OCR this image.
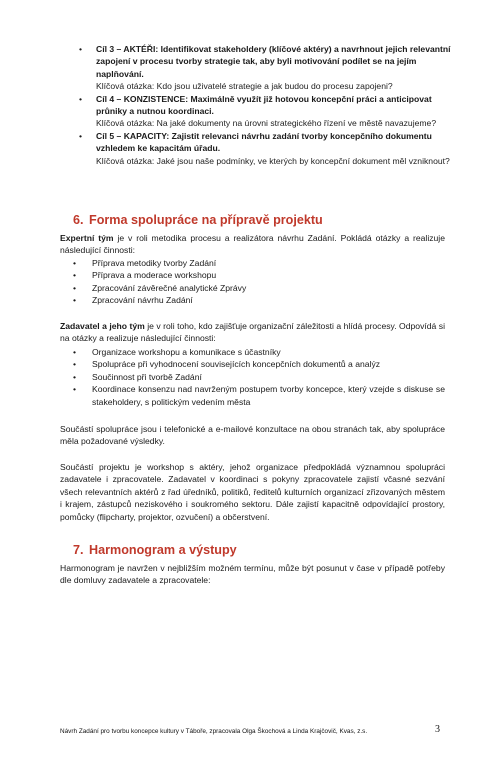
• Cíl 3 – AKTÉŘI: Identifikovat stakeholdery (klíčové aktéry) a navrhnout jejich relevantní zapojení v procesu tvorby strategie tak, aby byli motivování podílet se na jejím naplňování.
Klíčová otázka: Kdo jsou uživatelé strategie a jak budou do procesu zapojeni?
• Cíl 4 – KONZISTENCE: Maximálně využít již hotovou koncepční práci a anticipovat průniky a nutnou koordinaci.
Klíčová otázka: Na jaké dokumenty na úrovni strategického řízení ve městě navazujeme?
• Cíl 5 – KAPACITY: Zajistit relevanci návrhu zadání tvorby koncepčního dokumentu vzhledem ke kapacitám úřadu.
Klíčová otázka: Jaké jsou naše podmínky, ve kterých by koncepční dokument měl vzniknout?
6. Forma spolupráce na přípravě projektu
Expertní tým je v roli metodika procesu a realizátora návrhu Zadání. Pokládá otázky a realizuje následující činnosti:
• Příprava metodiky tvorby Zadání
• Příprava a moderace workshopu
• Zpracování závěrečné analytické Zprávy
• Zpracování návrhu Zadání
Zadavatel a jeho tým je v roli toho, kdo zajišťuje organizační záležitosti a hlídá procesy. Odpovídá si na otázky a realizuje následující činnosti:
• Organizace workshopu a komunikace s účastníky
• Spolupráce při vyhodnocení souvisejících koncepčních dokumentů a analýz
• Součinnost při tvorbě Zadání
• Koordinace konsenzu nad navrženým postupem tvorby koncepce, který vzejde s diskuse se stakeholdery, s politickým vedením města
Součástí spolupráce jsou i telefonické a e-mailové konzultace na obou stranách tak, aby spolupráce měla požadované výsledky.
Součástí projektu je workshop s aktéry, jehož organizace předpokládá významnou spolupráci zadavatele i zpracovatele. Zadavatel v koordinaci s pokyny zpracovatele zajistí včasné sezvání všech relevantních aktérů z řad úředníků, politiků, ředitelů kulturních organizací zřizovaných městem i krajem, zástupců neziskového i soukromého sektoru. Dále zajistí kapacitně odpovídající prostory, pomůcky (flipcharty, projektor, ozvučení) a občerstvení.
7. Harmonogram a výstupy
Harmonogram je navržen v nejbližším možném termínu, může být posunut v čase v případě potřeby dle domluvy zadavatele a zpracovatele:
Návrh Zadání pro tvorbu koncepce kultury v Táboře, zpracovala Olga Škochová a Linda Krajčovič, Kvas, z.s.	3
